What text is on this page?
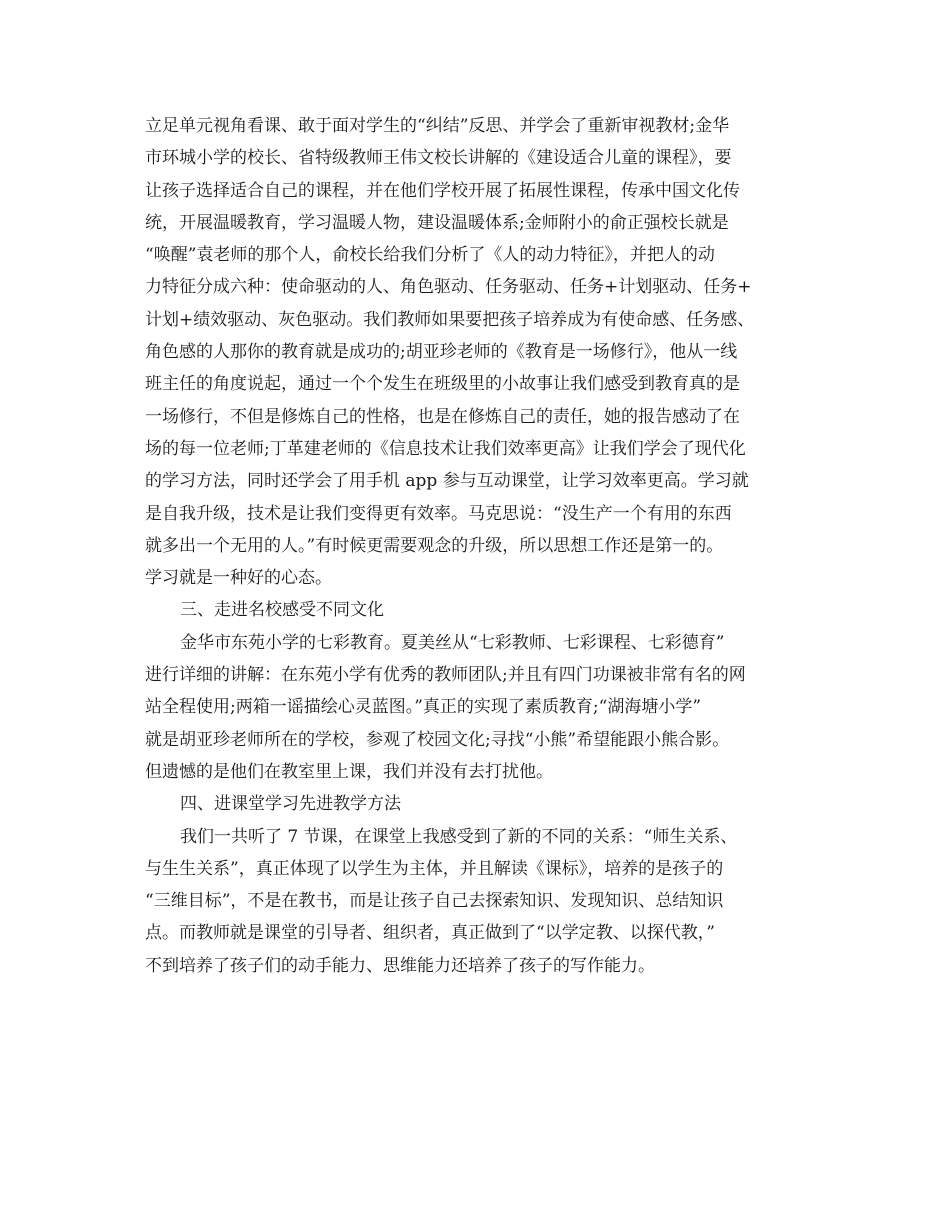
立足单元视角看课、敢于面对学生的“纠结”反思、并学会了重新审视教材;金华
市环城小学的校长、省特级教师王伟文校长讲解的《建设适合儿童的课程》，要
让孩子选择适合自己的课程，并在他们学校开展了拓展性课程，传承中国文化传
统，开展温暖教育，学习温暖人物，建设温暖体系;金师附小的俞正强校长就是
“唤醒”袁老师的那个人，俞校长给我们分析了《人的动力特征》，并把人的动
力特征分成六种：使命驱动的人、角色驱动、任务驱动、任务+计划驱动、任务+
计划+绩效驱动、灰色驱动。我们教师如果要把孩子培养成为有使命感、任务感、
角色感的人那你的教育就是成功的;胡亚珍老师的《教育是一场修行》，他从一线
班主任的角度说起，通过一个个发生在班级里的小故事让我们感受到教育真的是
一场修行，不但是修炼自己的性格，也是在修炼自己的责任，她的报告感动了在
场的每一位老师;丁革建老师的《信息技术让我们效率更高》让我们学会了现代化
的学习方法，同时还学会了用手机 app 参与互动课堂，让学习效率更高。学习就
是自我升级，技术是让我们变得更有效率。马克思说：“没生产一个有用的东西
就多出一个无用的人。”有时候更需要观念的升级，所以思想工作还是第一的。
学习就是一种好的心态。
三、走进名校感受不同文化
金华市东苑小学的七彩教育。夏美丝从“七彩教师、七彩课程、七彩德育”
进行详细的讲解：在东苑小学有优秀的教师团队;并且有四门功课被非常有名的网
站全程使用;两箱一谣描绘心灵蓝图。”真正的实现了素质教育;“湖海塘小学”
就是胡亚珍老师所在的学校，参观了校园文化;寻找“小熊”希望能跟小熊合影。
但遗憾的是他们在教室里上课，我们并没有去打扰他。
四、进课堂学习先进教学方法
我们一共听了 7 节课，在课堂上我感受到了新的不同的关系：“师生关系、
与生生关系”，真正体现了以学生为主体，并且解读《课标》，培养的是孩子的
“三维目标”，不是在教书，而是让孩子自己去探索知识、发现知识、总结知识
点。而教师就是课堂的引导者、组织者，真正做到了“以学定教、以探代教，”
不到培养了孩子们的动手能力、思维能力还培养了孩子的写作能力。
